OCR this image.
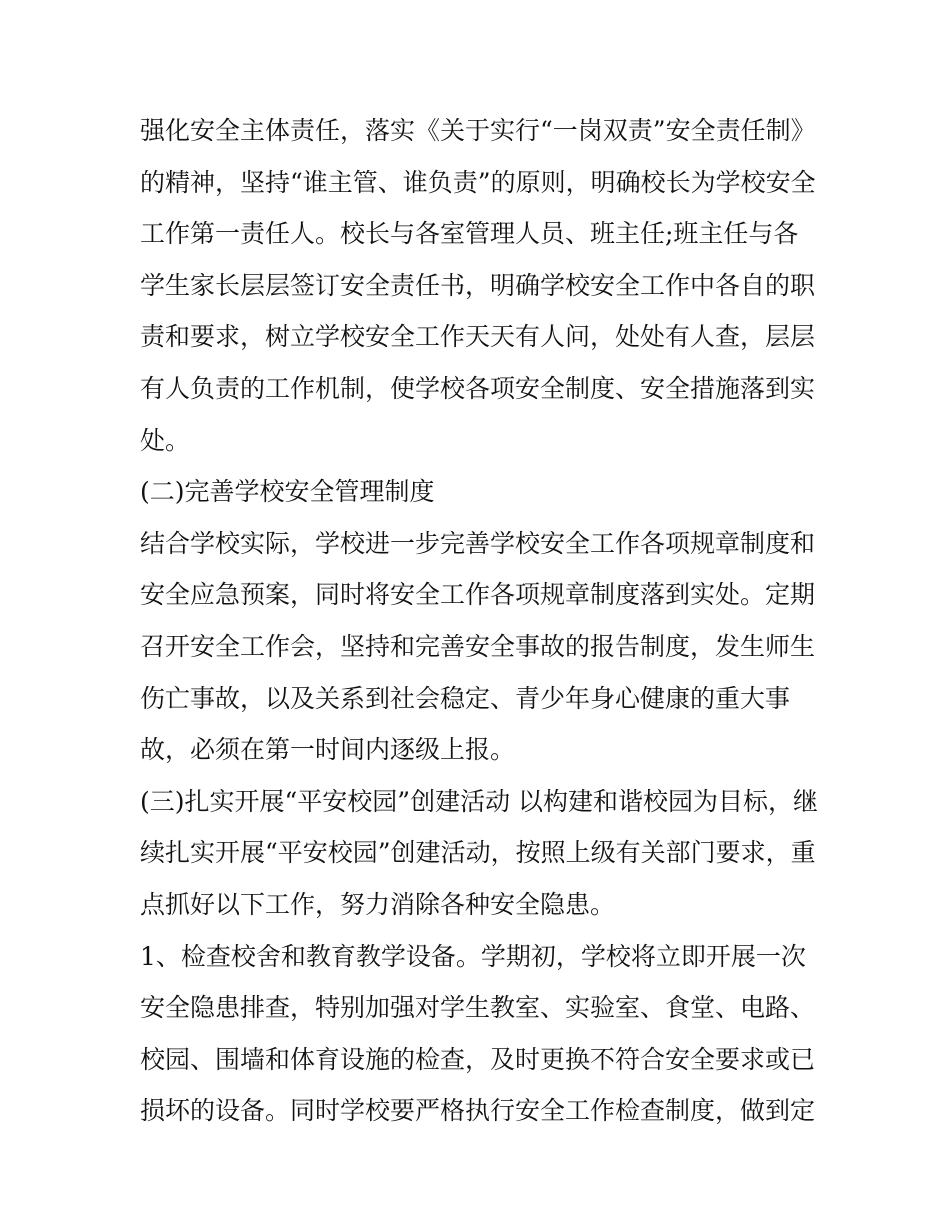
强化安全主体责任，落实《关于实行“一岗双责”安全责任制》
的精神，坚持“谁主管、谁负责”的原则，明确校长为学校安全
工作第一责任人。校长与各室管理人员、班主任;班主任与各
学生家长层层签订安全责任书，明确学校安全工作中各自的职
责和要求，树立学校安全工作天天有人问，处处有人查，层层
有人负责的工作机制，使学校各项安全制度、安全措施落到实
处。
(二)完善学校安全管理制度
结合学校实际，学校进一步完善学校安全工作各项规章制度和
安全应急预案，同时将安全工作各项规章制度落到实处。定期
召开安全工作会，坚持和完善安全事故的报告制度，发生师生
伤亡事故，以及关系到社会稳定、青少年身心健康的重大事
故，必须在第一时间内逐级上报。
(三)扎实开展“平安校园”创建活动 以构建和谐校园为目标，继
续扎实开展“平安校园”创建活动，按照上级有关部门要求，重
点抓好以下工作，努力消除各种安全隐患。
1、检查校舍和教育教学设备。学期初，学校将立即开展一次
安全隐患排查，特别加强对学生教室、实验室、食堂、电路、
校园、围墙和体育设施的检查，及时更换不符合安全要求或已
损坏的设备。同时学校要严格执行安全工作检查制度，做到定
